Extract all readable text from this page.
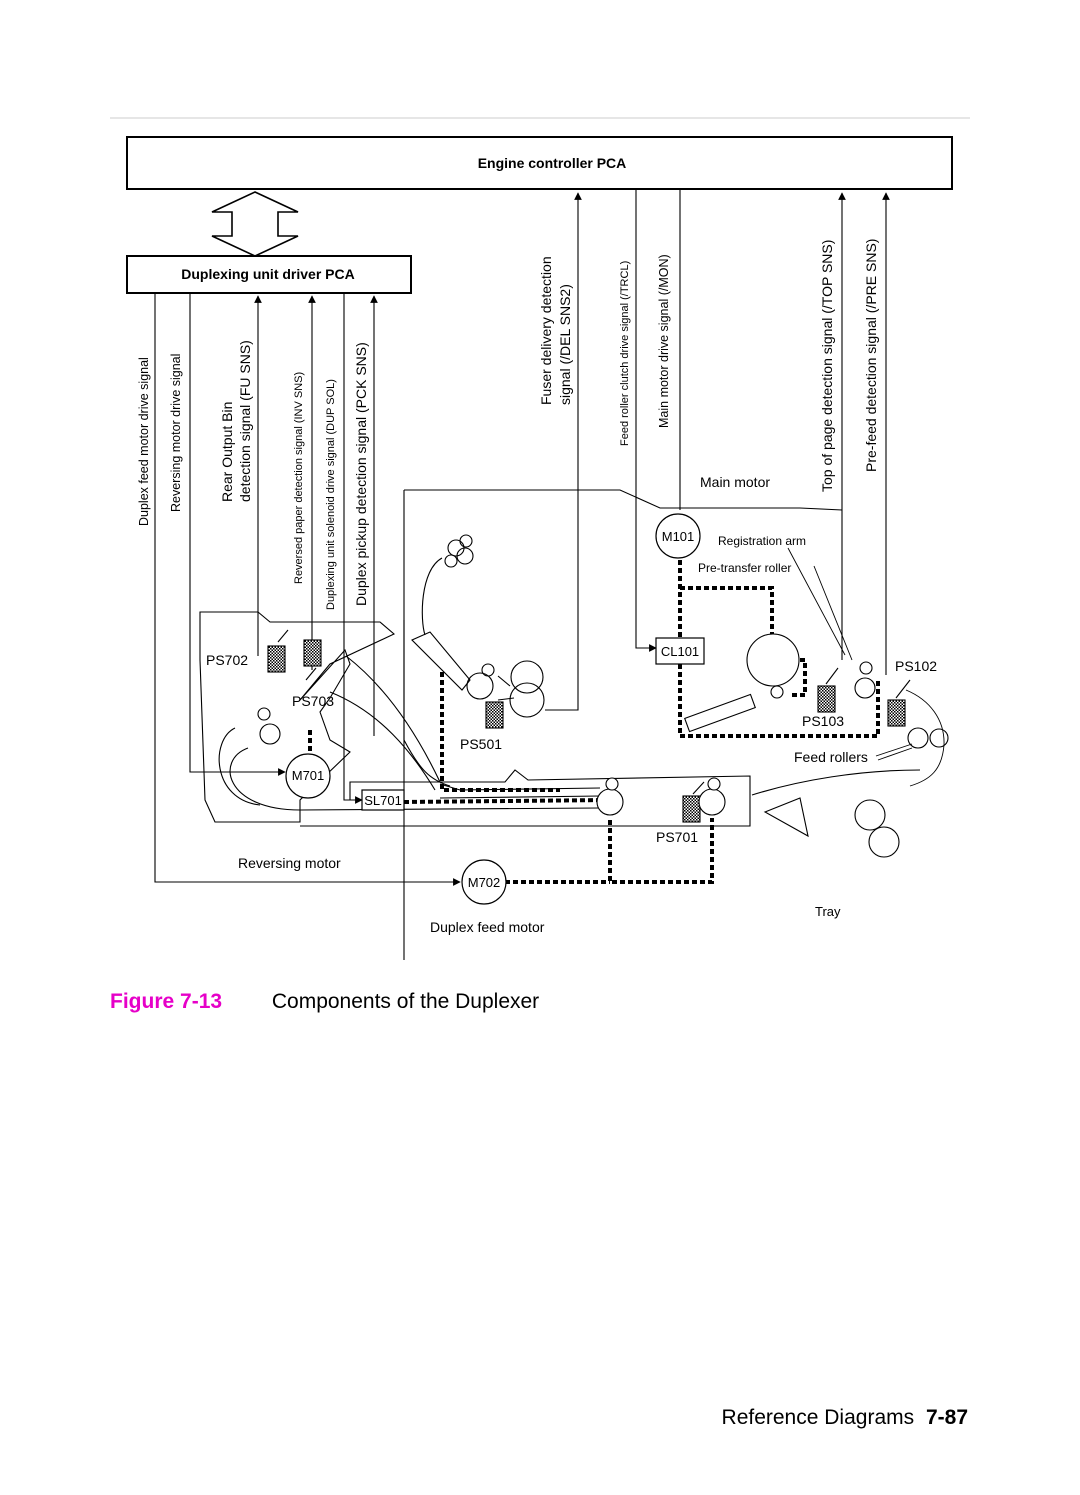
Engine controller PCA
Duplexing unit driver PCA
Duplex feed motor drive signal Reversing motor drive signal	Rear Output Bin detection signal (FU SNS)	Reversed paper detection signal (INV SNS) Duplexing unit solenoid drive signal (DUP SOL) Duplex pickup detection signal (PCK SNS)
Fuser delivery detection signal (/DEL SNS2)	Feed roller clutch drive signal (/TRCL) Main motor drive signal (/MON)	Top of page detection signal (/TOP SNS) Pre-feed detection signal (/PRE SNS)
Main motor
M101 Registration arm
Pre-transfer roller
CL101
PS102
PS103
Feed rollers
PS702
PS703
PS501
M701
SL701
PS701
Reversing motor
M702
Duplex feed motor
Tray
Figure 7-13 Components of the Duplexer
Reference Diagrams 7-87
